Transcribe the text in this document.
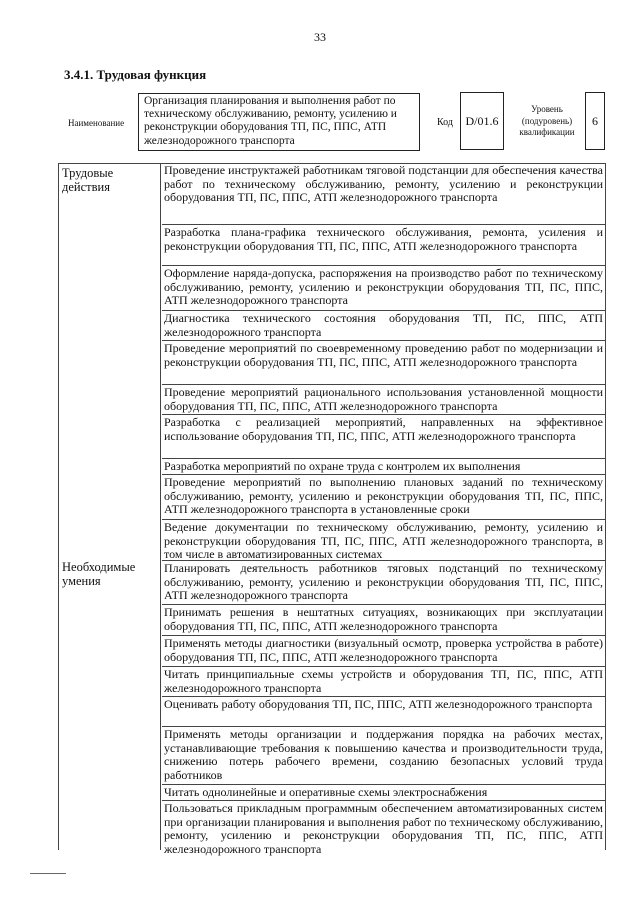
33
3.4.1. Трудовая функция
Наименование
Организация планирования и выполнения работ по техническому обслуживанию, ремонту, усилению и реконструкции оборудования ТП, ПС, ППС, АТП железнодорожного транспорта
Код	D/01.6
Уровень (подуровень) квалификации
6
Трудовые
действия
Необходимые
умения
Проведение инструктажей работникам тяговой подстанции для обеспечения качества работ по техническому обслуживанию, ремонту, усилению и реконструкции оборудования ТП, ПС, ППС, АТП железнодорожного транспорта
Разработка плана-графика технического обслуживания, ремонта, усиления и реконструкции оборудования ТП, ПС, ППС, АТП железнодорожного транспорта
Оформление наряда-допуска, распоряжения на производство работ по техническому обслуживанию, ремонту, усилению и реконструкции оборудования ТП, ПС, ППС, АТП железнодорожного транспорта
Диагностика технического состояния оборудования ТП, ПС, ППС, АТП железнодорожного транспорта
Проведение мероприятий по своевременному проведению работ по модернизации и реконструкции оборудования ТП, ПС, ППС, АТП железнодорожного транспорта
Проведение мероприятий рационального использования установленной мощности оборудования ТП, ПС, ППС, АТП железнодорожного транспорта
Разработка с реализацией мероприятий, направленных на эффективное использование оборудования ТП, ПС, ППС, АТП железнодорожного транспорта
Разработка мероприятий по охране труда с контролем их выполнения
Проведение мероприятий по выполнению плановых заданий по техническому обслуживанию, ремонту, усилению и реконструкции оборудования ТП, ПС, ППС, АТП железнодорожного транспорта в установленные сроки
Ведение документации по техническому обслуживанию, ремонту, усилению и реконструкции оборудования ТП, ПС, ППС, АТП железнодорожного транспорта, в том числе в автоматизированных системах
Планировать деятельность работников тяговых подстанций по техническому обслуживанию, ремонту, усилению и реконструкции оборудования ТП, ПС, ППС, АТП железнодорожного транспорта
Принимать решения в нештатных ситуациях, возникающих при эксплуатации оборудования ТП, ПС, ППС, АТП железнодорожного транспорта
Применять методы диагностики (визуальный осмотр, проверка устройства в работе) оборудования ТП, ПС, ППС, АТП железнодорожного транспорта
Читать принципиальные схемы устройств и оборудования ТП, ПС, ППС, АТП железнодорожного транспорта
Оценивать работу оборудования ТП, ПС, ППС, АТП железнодорожного транспорта
Применять методы организации и поддержания порядка на рабочих местах, устанавливающие требования к повышению качества и производительности труда, снижению потерь рабочего времени, созданию безопасных условий труда работников
Читать однолинейные и оперативные схемы электроснабжения
Пользоваться прикладным программным обеспечением автоматизированных систем при организации планирования и выполнения работ по техническому обслуживанию, ремонту, усилению и реконструкции оборудования ТП, ПС, ППС, АТП железнодорожного транспорта
